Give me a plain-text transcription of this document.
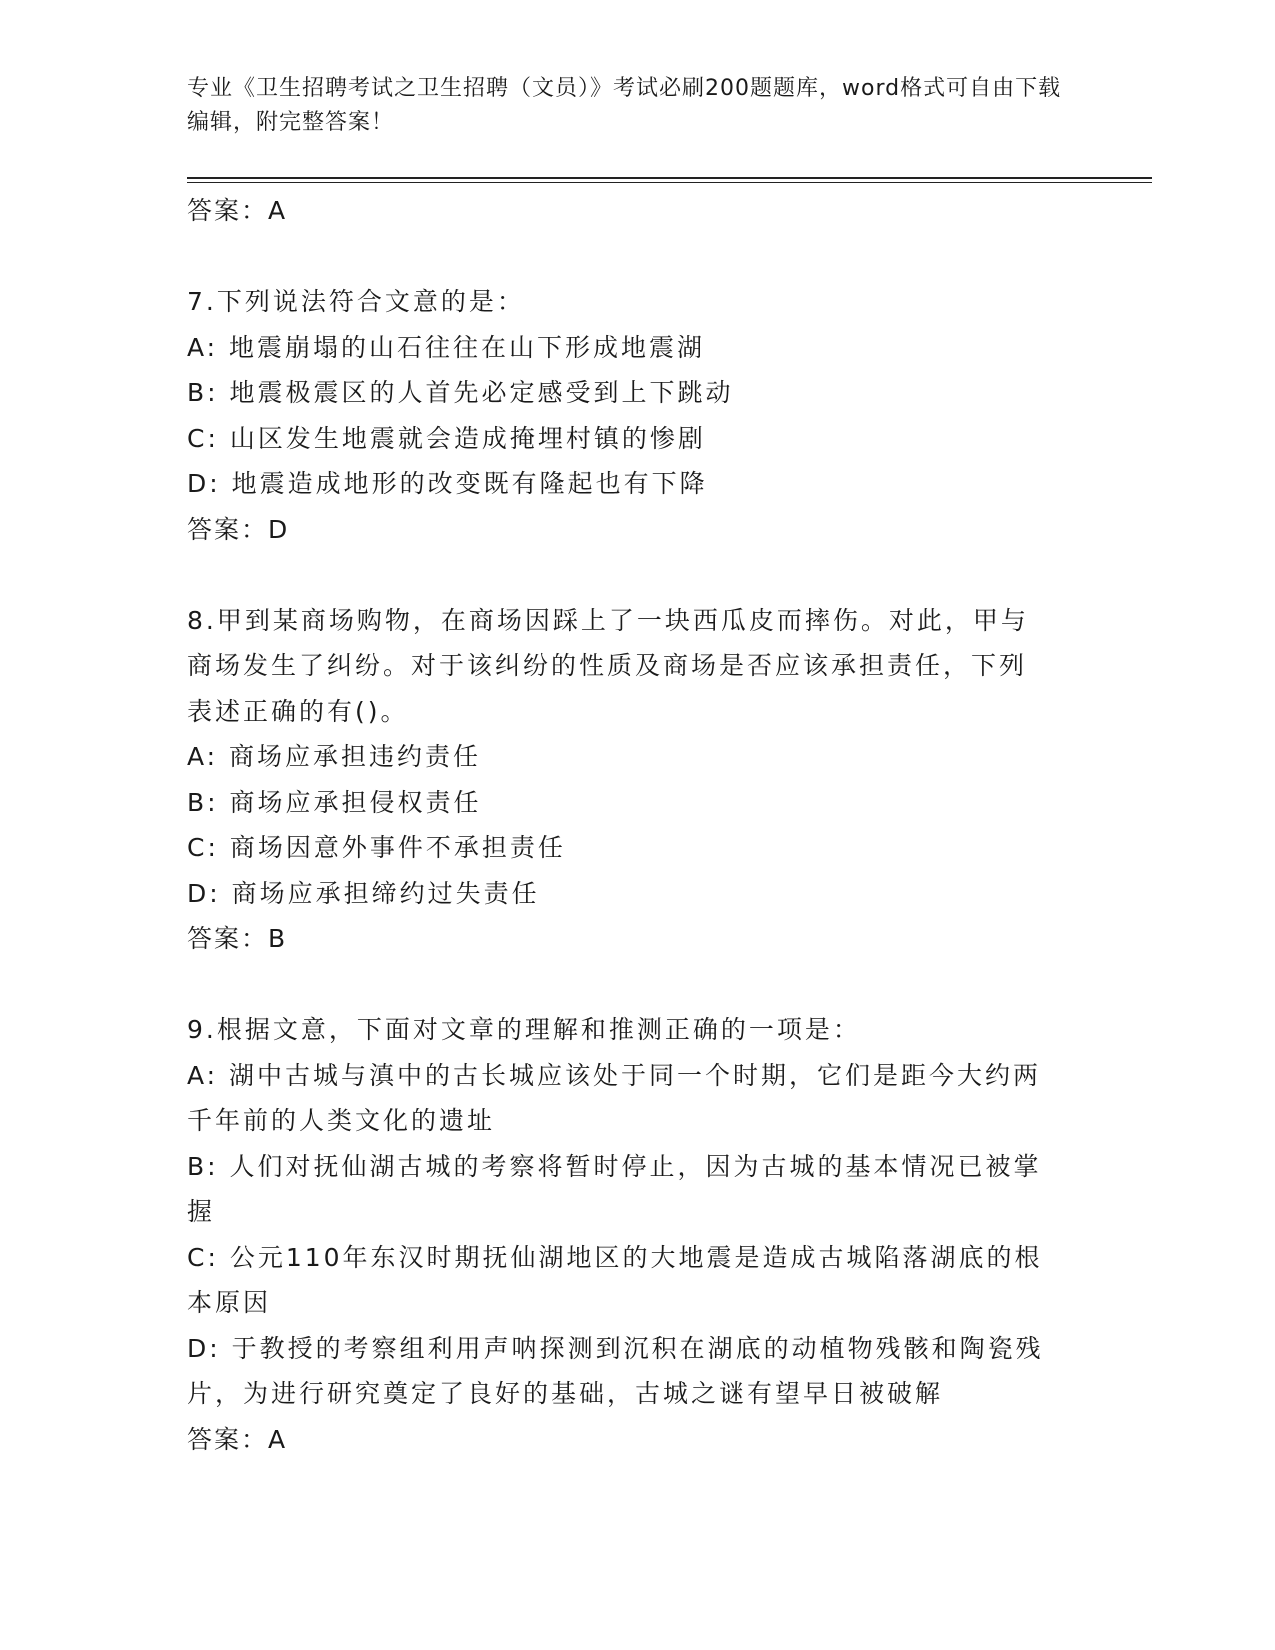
专业《卫生招聘考试之卫生招聘（文员）》考试必刷200题题库，word格式可自由下载编辑，附完整答案！

答案：A

7.下列说法符合文意的是：

A: 地震崩塌的山石往往在山下形成地震湖

B: 地震极震区的人首先必定感受到上下跳动

C: 山区发生地震就会造成掩埋村镇的惨剧

D: 地震造成地形的改变既有隆起也有下降

答案：D

8.甲到某商场购物，在商场因踩上了一块西瓜皮而摔伤。对此，甲与

商场发生了纠纷。对于该纠纷的性质及商场是否应该承担责任，下列

表述正确的有()。

A: 商场应承担违约责任

B: 商场应承担侵权责任

C: 商场因意外事件不承担责任

D: 商场应承担缔约过失责任

答案：B

9.根据文意，下面对文章的理解和推测正确的一项是：

A: 湖中古城与滇中的古长城应该处于同一个时期，它们是距今大约两

千年前的人类文化的遗址

B: 人们对抚仙湖古城的考察将暂时停止，因为古城的基本情况已被掌

握

C: 公元110年东汉时期抚仙湖地区的大地震是造成古城陷落湖底的根

本原因

D: 于教授的考察组利用声呐探测到沉积在湖底的动植物残骸和陶瓷残

片，为进行研究奠定了良好的基础，古城之谜有望早日被破解

答案：A
